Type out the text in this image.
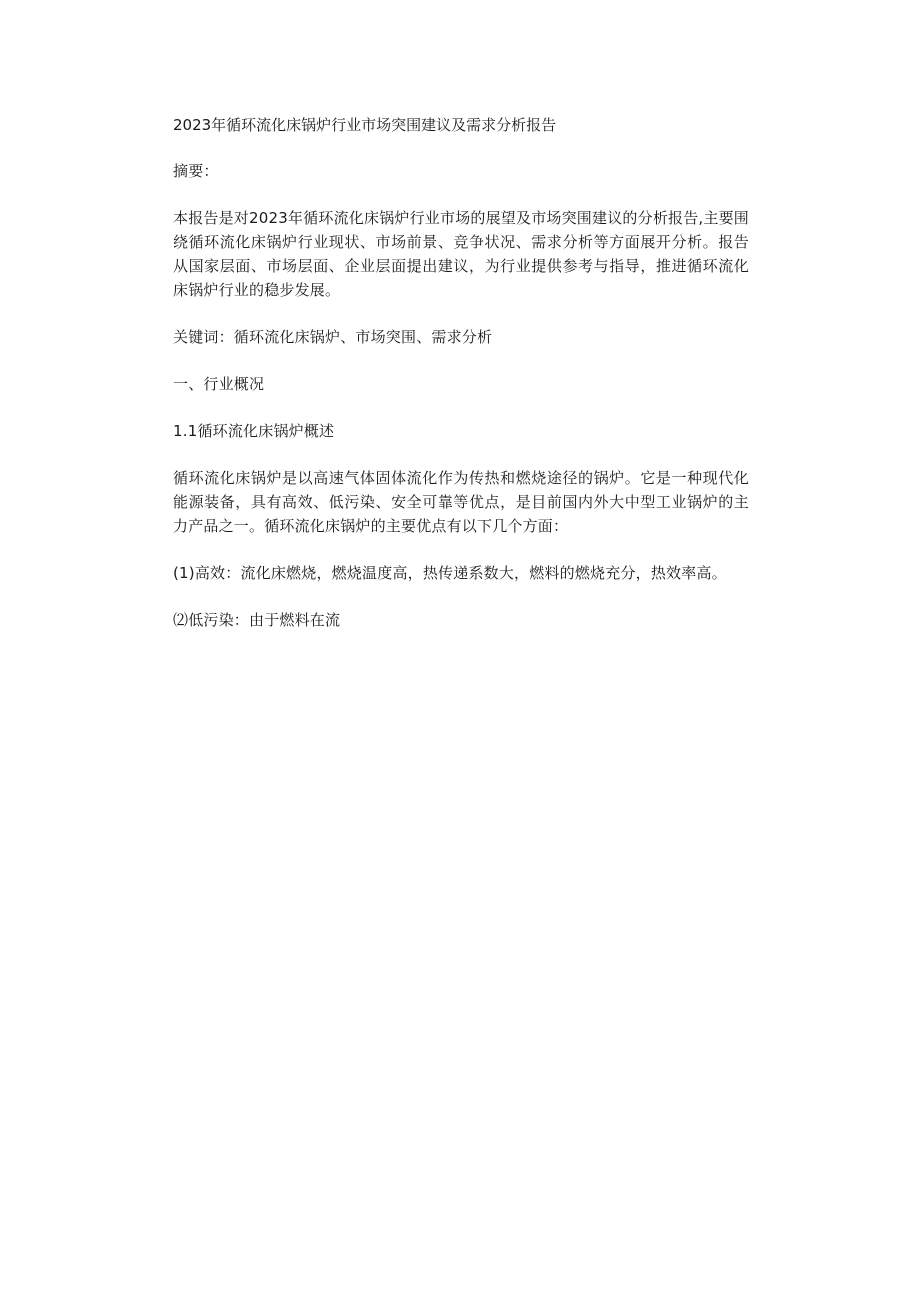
2023年循环流化床锅炉行业市场突围建议及需求分析报告

摘要：

本报告是对2023年循环流化床锅炉行业市场的展望及市场突围建议的分析报告,主要围绕循环流化床锅炉行业现状、市场前景、竞争状况、需求分析等方面展开分析。报告从国家层面、市场层面、企业层面提出建议，为行业提供参考与指导，推进循环流化床锅炉行业的稳步发展。

关键词：循环流化床锅炉、市场突围、需求分析

一、行业概况

1.1循环流化床锅炉概述

循环流化床锅炉是以高速气体固体流化作为传热和燃烧途径的锅炉。它是一种现代化能源装备，具有高效、低污染、安全可靠等优点，是目前国内外大中型工业锅炉的主力产品之一。循环流化床锅炉的主要优点有以下几个方面：

(1)高效：流化床燃烧，燃烧温度高，热传递系数大，燃料的燃烧充分，热效率高。

⑵低污染：由于燃料在流
